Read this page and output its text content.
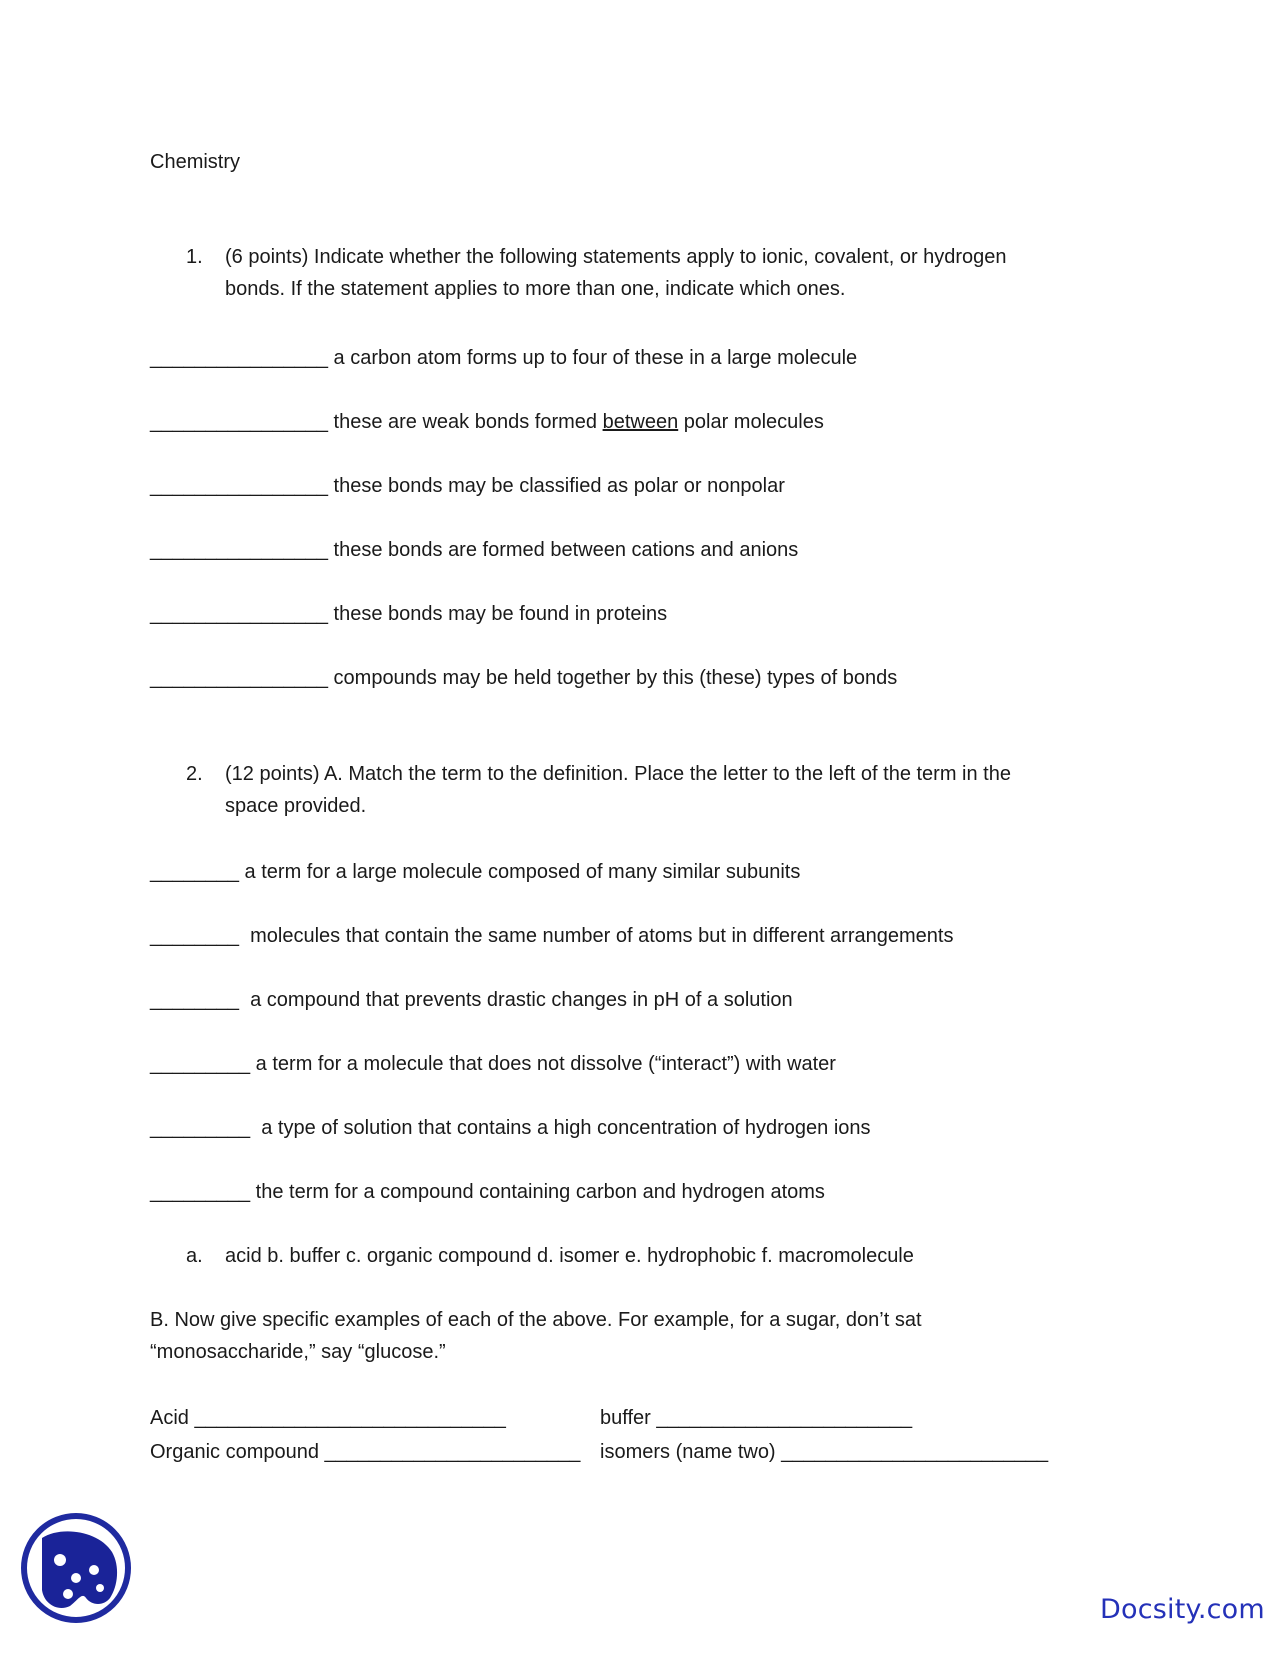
Chemistry
1. (6 points) Indicate whether the following statements apply to ionic, covalent, or hydrogen
bonds. If the statement applies to more than one, indicate which ones.
________________ a carbon atom forms up to four of these in a large molecule
________________ these are weak bonds formed between polar molecules
________________ these bonds may be classified as polar or nonpolar
________________ these bonds are formed between cations and anions
________________ these bonds may be found in proteins
________________ compounds may be held together by this (these) types of bonds
2. (12 points) A. Match the term to the definition. Place the letter to the left of the term in the
space provided.
________ a term for a large molecule composed of many similar subunits
________ molecules that contain the same number of atoms but in different arrangements
________ a compound that prevents drastic changes in pH of a solution
_________ a term for a molecule that does not dissolve (“interact”) with water
_________ a type of solution that contains a high concentration of hydrogen ions
_________ the term for a compound containing carbon and hydrogen atoms
a. acid b. buffer c. organic compound d. isomer e. hydrophobic f. macromolecule
B. Now give specific examples of each of the above. For example, for a sugar, don’t sat
“monosaccharide,” say “glucose.”
Acid ____________________________	buffer _______________________
Organic compound _______________________ isomers (name two) ________________________
Docsity.com
